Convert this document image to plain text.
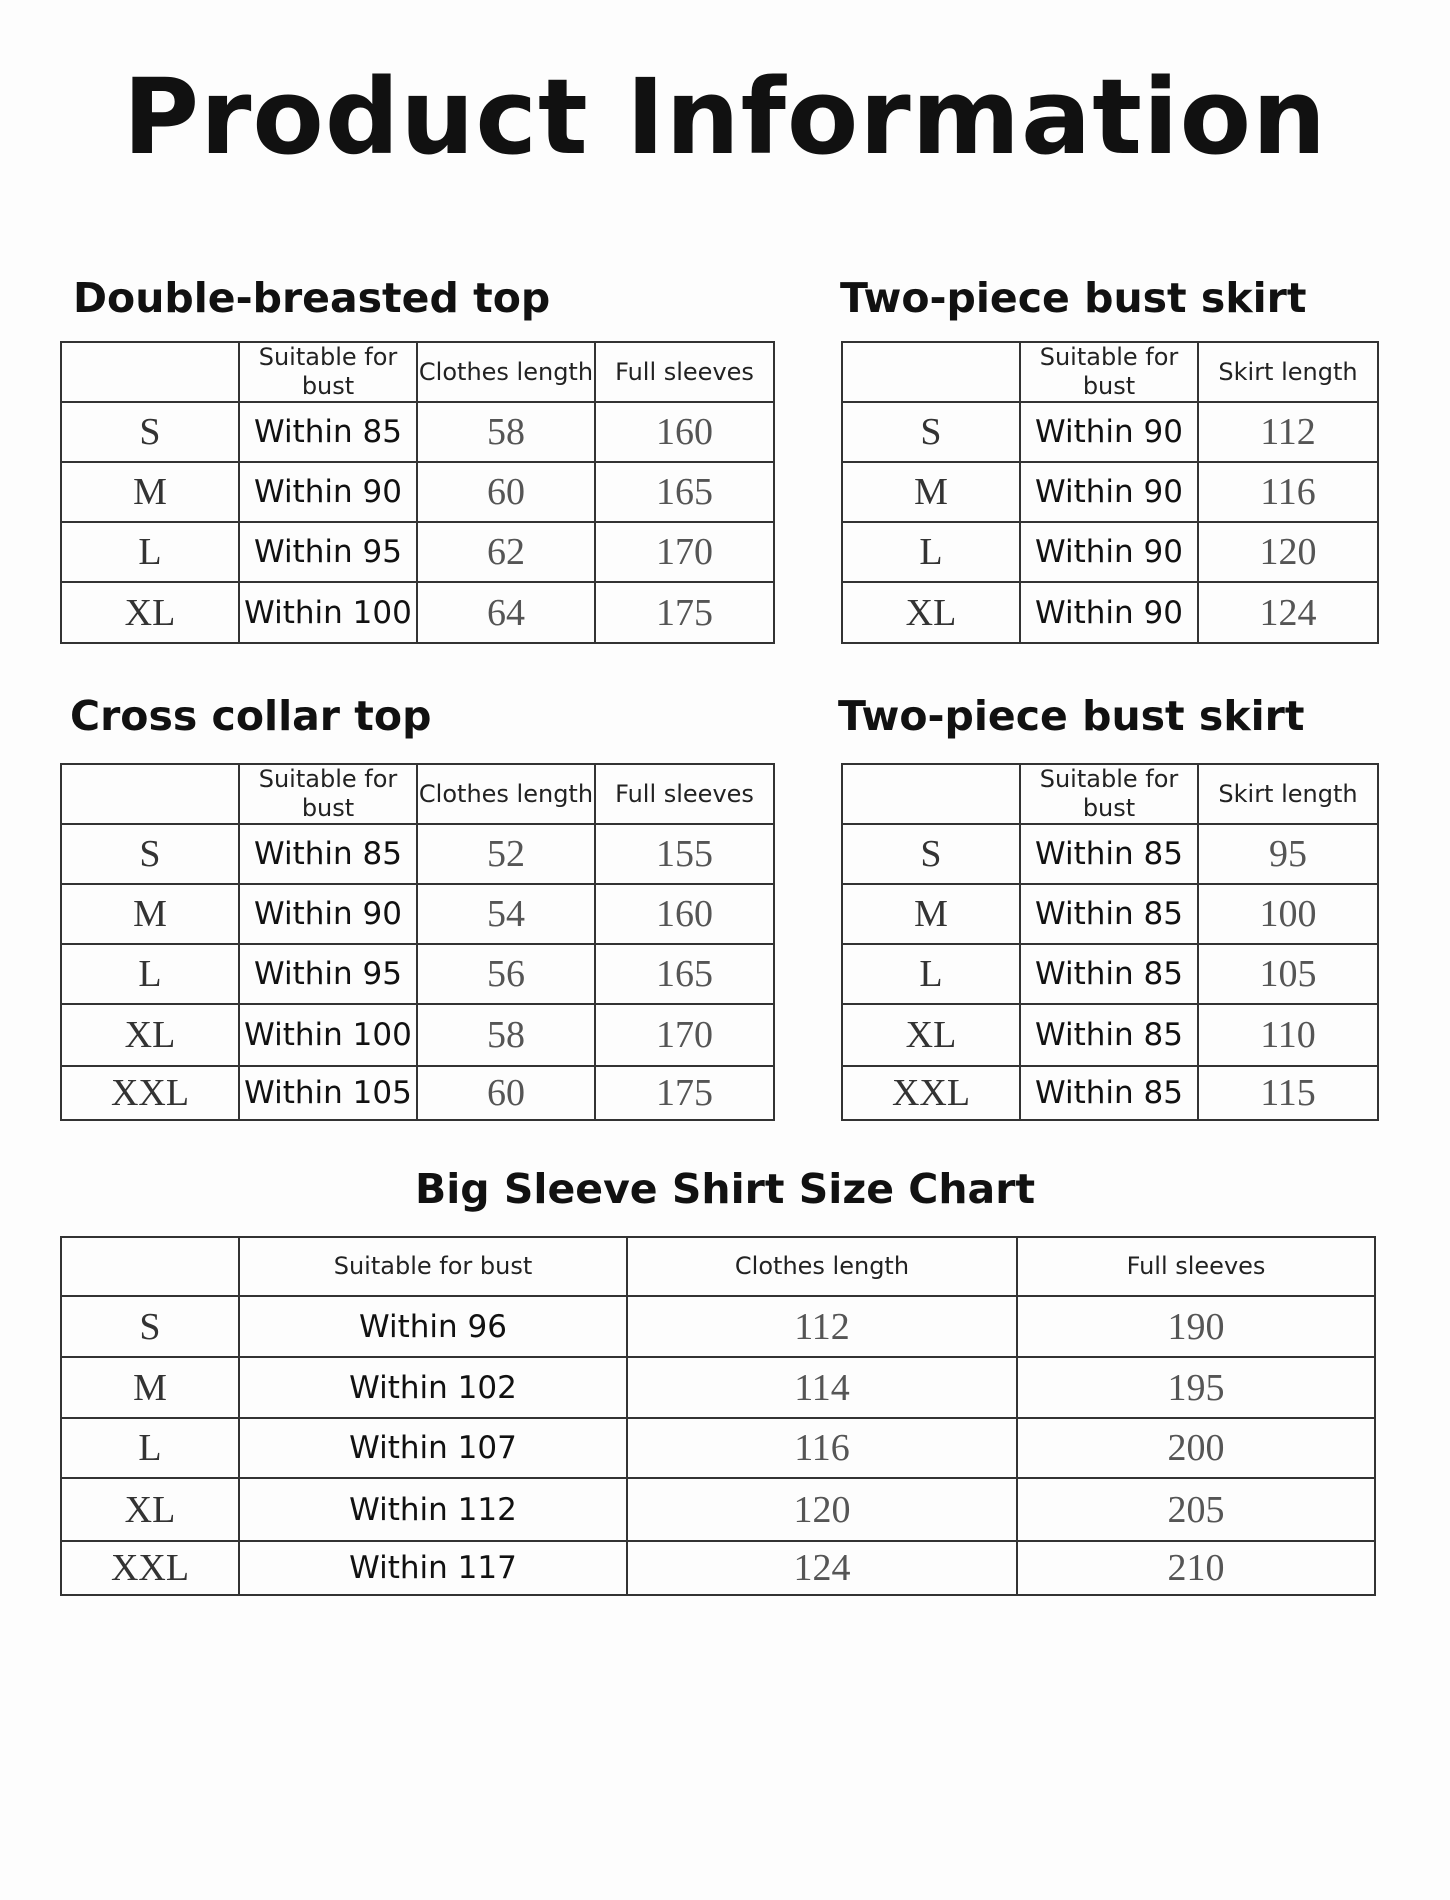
Product Information
Double-breasted top
	Suitable for bust	Clothes length	Full sleeves
S	Within 85	58	160
M	Within 90	60	165
L	Within 95	62	170
XL	Within 100	64	175
Two-piece bust skirt
	Suitable for bust	Skirt length
S	Within 90	112
M	Within 90	116
L	Within 90	120
XL	Within 90	124
Cross collar top
	Suitable for bust	Clothes length	Full sleeves
S	Within 85	52	155
M	Within 90	54	160
L	Within 95	56	165
XL	Within 100	58	170
XXL	Within 105	60	175
Two-piece bust skirt
	Suitable for bust	Skirt length
S	Within 85	95
M	Within 85	100
L	Within 85	105
XL	Within 85	110
XXL	Within 85	115
Big Sleeve Shirt Size Chart
	Suitable for bust	Clothes length	Full sleeves
S	Within 96	112	190
M	Within 102	114	195
L	Within 107	116	200
XL	Within 112	120	205
XXL	Within 117	124	210
